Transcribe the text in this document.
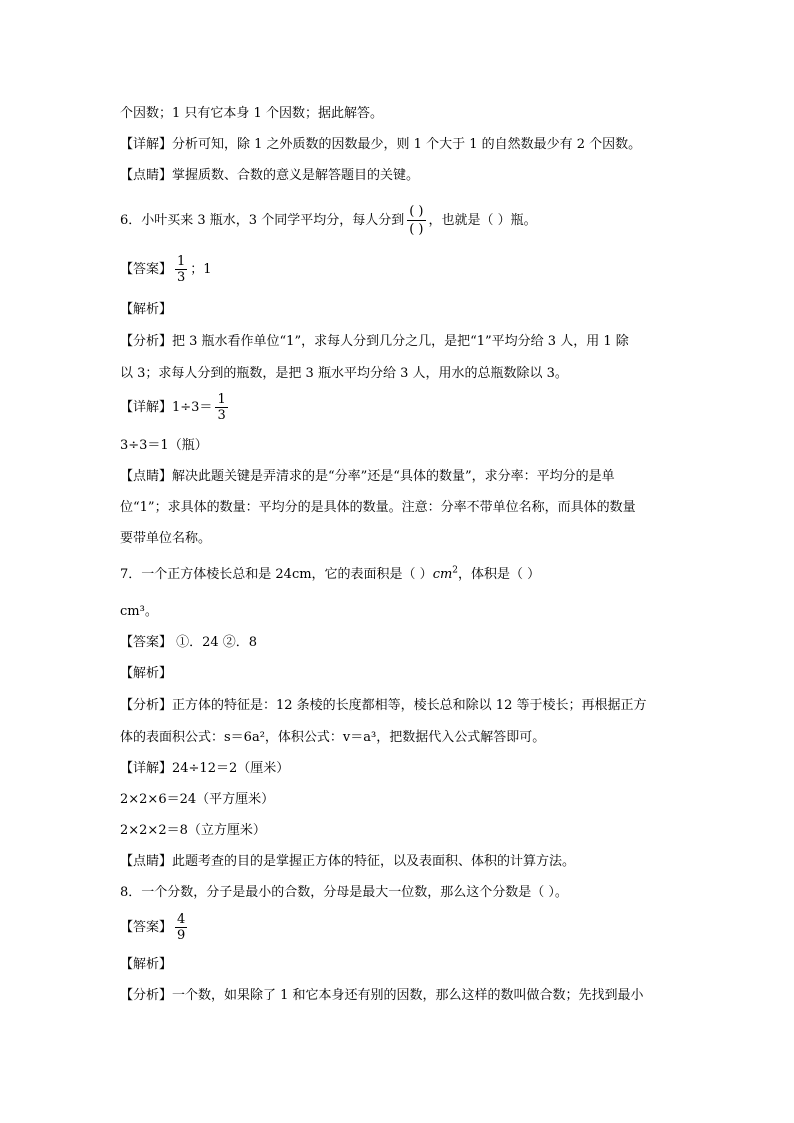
个因数；1 只有它本身 1 个因数；据此解答。
【详解】分析可知，除 1 之外质数的因数最少，则 1 个大于 1 的自然数最少有 2 个因数。
【点睛】掌握质数、合数的意义是解答题目的关键。
6．小叶买来 3 瓶水，3 个同学平均分，每人分到 $\frac{( )}{( )}$ ，也就是（ ）瓶。
【答案】 $\frac{1}{3}$ ；1
【解析】
【分析】把 3 瓶水看作单位“1”，求每人分到几分之几，是把“1”平均分给 3 人，用 1 除
以 3；求每人分到的瓶数，是把 3 瓶水平均分给 3 人，用水的总瓶数除以 3。
【详解】$1\div 3= \frac{1}{3}$
3÷3＝1（瓶）
【点睛】解决此题关键是弄清求的是“分率”还是“具体的数量”，求分率：平均分的是单
位“1”；求具体的数量：平均分的是具体的数量。注意：分率不带单位名称，而具体的数量
要带单位名称。
7．一个正方体棱长总和是 24cm，它的表面积是（ ）$cm^2$，体积是（ ）
cm³。
【答案】 ①．24 ②．8
【解析】
【分析】正方体的特征是：12 条棱的长度都相等，棱长总和除以 12 等于棱长；再根据正方
体的表面积公式：s＝6a²，体积公式：v＝a³，把数据代入公式解答即可。
【详解】24÷12＝2（厘米）
2×2×6＝24（平方厘米）
2×2×2＝8（立方厘米）
【点睛】此题考查的目的是掌握正方体的特征，以及表面积、体积的计算方法。
8．一个分数，分子是最小的合数，分母是最大一位数，那么这个分数是（ ）。
【答案】 $\frac{4}{9}$
【解析】
【分析】一个数，如果除了 1 和它本身还有别的因数，那么这样的数叫做合数；先找到最小
